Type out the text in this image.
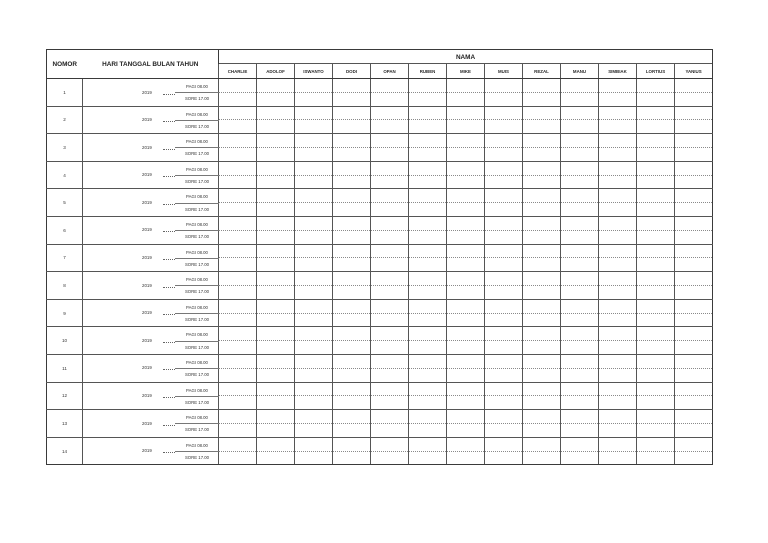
NOMOR	HARI TANGGAL BULAN TAHUN	NAMA												
		CHARLIE	ADOLOF	ISWANTO	DODI	OPAN	RUBEN	MIKE	MUIS	REZAL	MANU	SIMBIAK	LORTIUS	YANIUS
1	2019
PAGI 08.00
SORE 17.00													

2	2019
PAGI 08.00
SORE 17.00													

3	2019
PAGI 08.00
SORE 17.00													

4	2019
PAGI 08.00
SORE 17.00													

5	2019
PAGI 08.00
SORE 17.00													

6	2019
PAGI 08.00
SORE 17.00													

7	2019
PAGI 08.00
SORE 17.00													

8	2019
PAGI 08.00
SORE 17.00													

9	2019
PAGI 08.00
SORE 17.00													

10	2019
PAGI 08.00
SORE 17.00													

11	2019
PAGI 08.00
SORE 17.00													

12	2019
PAGI 08.00
SORE 17.00													

13	2019
PAGI 08.00
SORE 17.00													

14	2019
PAGI 08.00
SORE 17.00													
